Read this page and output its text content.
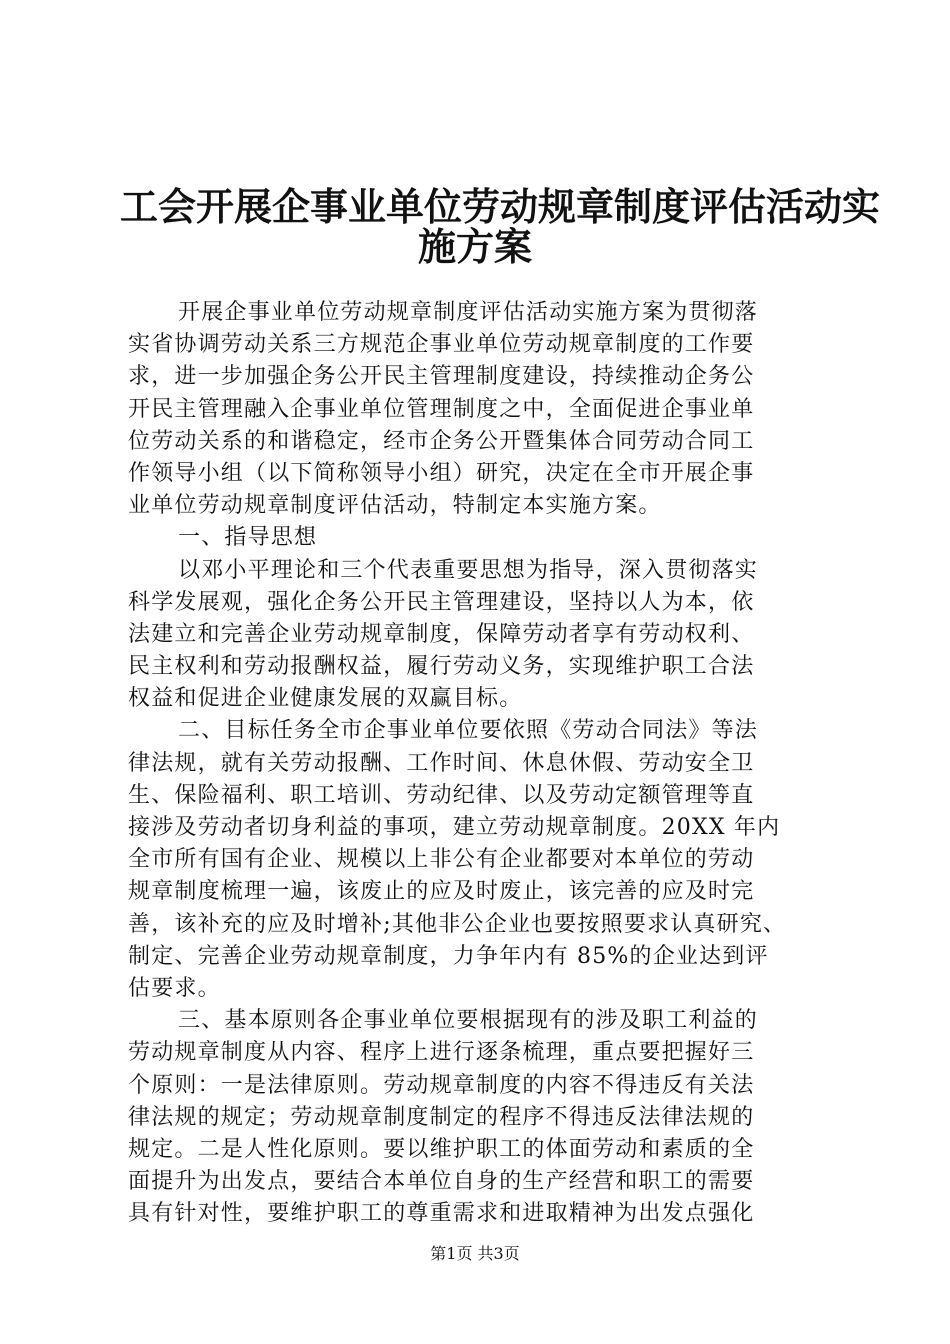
工会开展企事业单位劳动规章制度评估活动实
施方案
开展企事业单位劳动规章制度评估活动实施方案为贯彻落
实省协调劳动关系三方规范企事业单位劳动规章制度的工作要
求，进一步加强企务公开民主管理制度建设，持续推动企务公
开民主管理融入企事业单位管理制度之中，全面促进企事业单
位劳动关系的和谐稳定，经市企务公开暨集体合同劳动合同工
作领导小组（以下简称领导小组）研究，决定在全市开展企事
业单位劳动规章制度评估活动，特制定本实施方案。
一、指导思想
以邓小平理论和三个代表重要思想为指导，深入贯彻落实
科学发展观，强化企务公开民主管理建设，坚持以人为本，依
法建立和完善企业劳动规章制度，保障劳动者享有劳动权利、
民主权利和劳动报酬权益，履行劳动义务，实现维护职工合法
权益和促进企业健康发展的双赢目标。
二、目标任务全市企事业单位要依照《劳动合同法》等法
律法规，就有关劳动报酬、工作时间、休息休假、劳动安全卫
生、保险福利、职工培训、劳动纪律、以及劳动定额管理等直
接涉及劳动者切身利益的事项，建立劳动规章制度。20XX 年内
全市所有国有企业、规模以上非公有企业都要对本单位的劳动
规章制度梳理一遍，该废止的应及时废止，该完善的应及时完
善，该补充的应及时增补;其他非公企业也要按照要求认真研究、
制定、完善企业劳动规章制度，力争年内有 85%的企业达到评
估要求。
三、基本原则各企事业单位要根据现有的涉及职工利益的
劳动规章制度从内容、程序上进行逐条梳理，重点要把握好三
个原则：一是法律原则。劳动规章制度的内容不得违反有关法
律法规的规定；劳动规章制度制定的程序不得违反法律法规的
规定。二是人性化原则。要以维护职工的体面劳动和素质的全
面提升为出发点，要结合本单位自身的生产经营和职工的需要
具有针对性，要维护职工的尊重需求和进取精神为出发点强化
第1页 共3页
